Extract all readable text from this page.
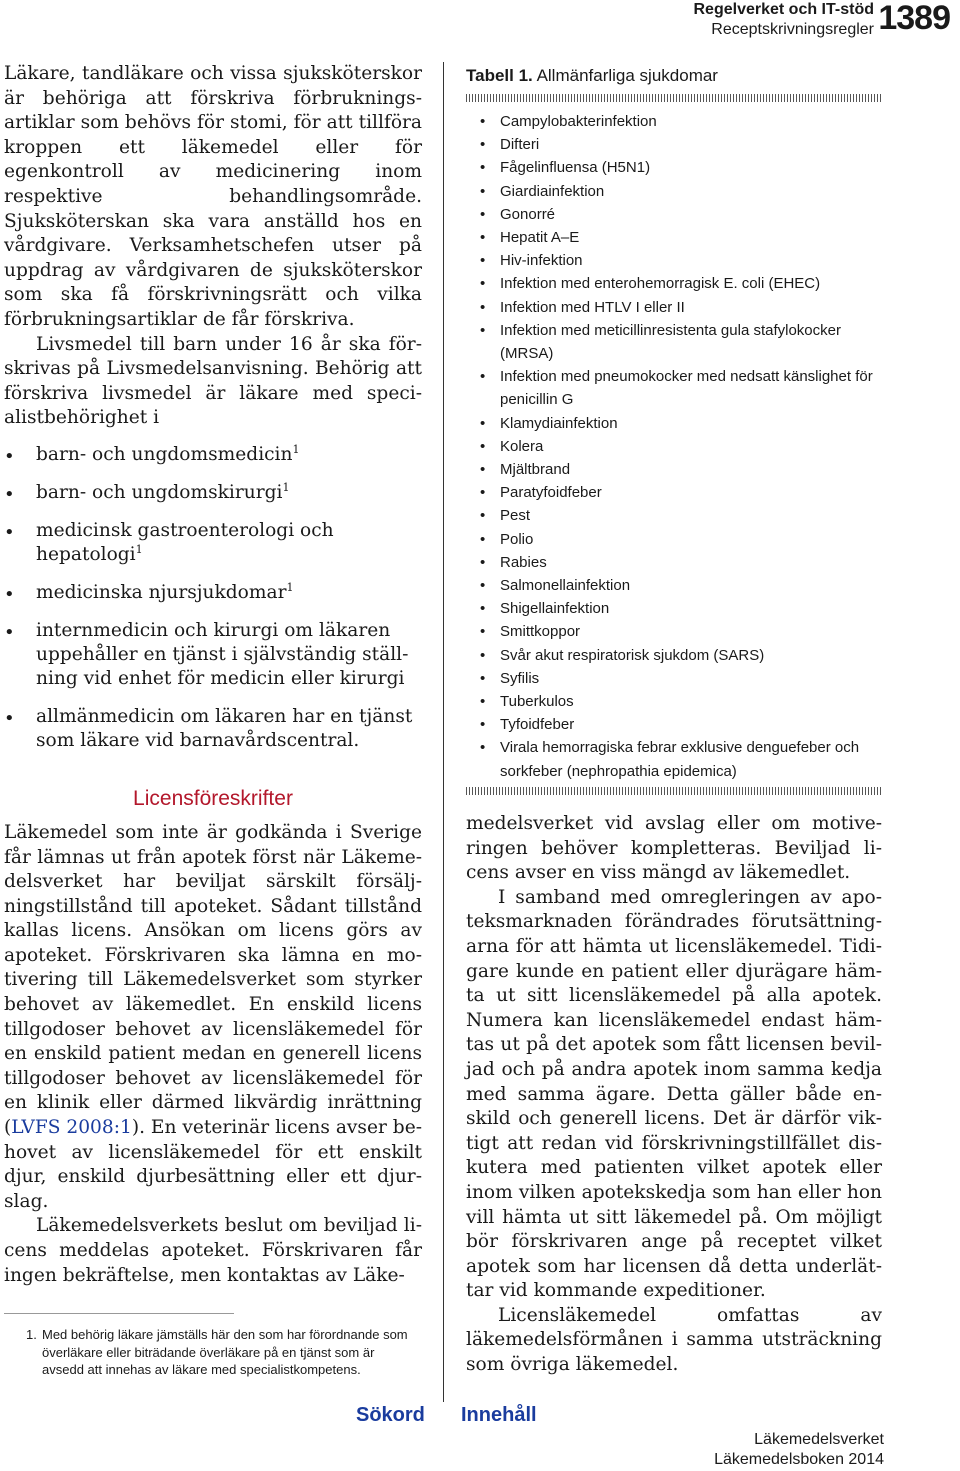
Regelverket och IT-stöd
Receptskrivningsregler 1389

Läkare, tandläkare och vissa sjuksköterskor är behöriga att förskriva förbrukningsartiklar som behövs för stomi, för att tillföra kroppen ett läkemedel eller för egenkontroll av medicinering inom respektive behandlingsområde. Sjuksköterskan ska vara anställd hos en vårdgivare. Verksamhetschefen utser på uppdrag av vårdgivaren de sjuksköterskor som ska få förskrivningsrätt och vilka förbrukningsartiklar de får förskriva.

Livsmedel till barn under 16 år ska förskrivas på Livsmedelsanvisning. Behörig att förskriva livsmedel är läkare med specialistbehörighet i

• barn- och ungdomsmedicin$^1$
• barn- och ungdomskirurgi$^1$
• medicinsk gastroenterologi och hepatologi$^1$
• medicinska njursjukdomar$^1$
• internmedicin och kirurgi om läkaren uppehåller en tjänst i självständig ställning vid enhet för medicin eller kirurgi
• allmänmedicin om läkaren har en tjänst som läkare vid barnavårdscentral.
Licensföreskrifter

Läkemedel som inte är godkända i Sverige får lämnas ut från apotek först när Läkemedelsverket har beviljat särskilt försäljningstillstånd till apoteket. Sådant tillstånd kallas licens. Ansökan om licens görs av apoteket. Förskrivaren ska lämna en motivering till Läkemedelsverket som styrker behovet av läkemedlet. En enskild licens tillgodoser behovet av licensläkemedel för en enskild patient medan en generell licens tillgodoser behovet av licensläkemedel för en klinik eller därmed likvärdig inrättning (LVFS 2008:1). En veterinär licens avser behovet av licensläkemedel för ett enskilt djur, enskild djurbesättning eller ett djurslag.

Läkemedelsverkets beslut om beviljad licens meddelas apoteket. Förskrivaren får ingen bekräftelse, men kontaktas av Läke-

1. Med behörig läkare jämställs här den som har förordnande som överläkare eller biträdande överläkare på en tjänst som är avsedd att innehas av läkare med specialistkompetens.

Tabell 1. Allmänfarliga sjukdomar

• Campylobakterinfektion
• Difteri
• Fågelinfluensa (H5N1)
• Giardiainfektion
• Gonorré
• Hepatit A–E
• Hiv-infektion
• Infektion med enterohemorragisk E. coli (EHEC)
• Infektion med HTLV I eller II
• Infektion med meticillinresistenta gula stafylokocker (MRSA)
• Infektion med pneumokocker med nedsatt känslighet för penicillin G
• Klamydiainfektion
• Kolera
• Mjältbrand
• Paratyfoidfeber
• Pest
• Polio
• Rabies
• Salmonellainfektion
• Shigellainfektion
• Smittkoppor
• Svår akut respiratorisk sjukdom (SARS)
• Syfilis
• Tuberkulos
• Tyfoidfeber
• Virala hemorragiska febrar exklusive denguefeber och sorkfeber (nephropathia epidemica)

medelsverket vid avslag eller om motiveringen behöver kompletteras. Beviljad licens avser en viss mängd av läkemedlet.

I samband med omregleringen av apoteksmarknaden förändrades förutsättningarna för att hämta ut licensläkemedel. Tidigare kunde en patient eller djurägare hämta ut sitt licensläkemedel på alla apotek. Numera kan licensläkemedel endast hämtas ut på det apotek som fått licensen beviljad och på andra apotek inom samma kedja med samma ägare. Detta gäller både enskild och generell licens. Det är därför viktigt att redan vid förskrivningstillfället diskutera med patienten vilket apotek eller inom vilken apotekskedja som han eller hon vill hämta ut sitt läkemedel på. Om möjligt bör förskrivaren ange på receptet vilket apotek som har licensen då detta underlättar vid kommande expeditioner.

Licensläkemedel omfattas av läkemedelsförmånen i samma utsträckning som övriga läkemedel.

Sökord Innehåll
Läkemedelsverket
Läkemedelsboken 2014
